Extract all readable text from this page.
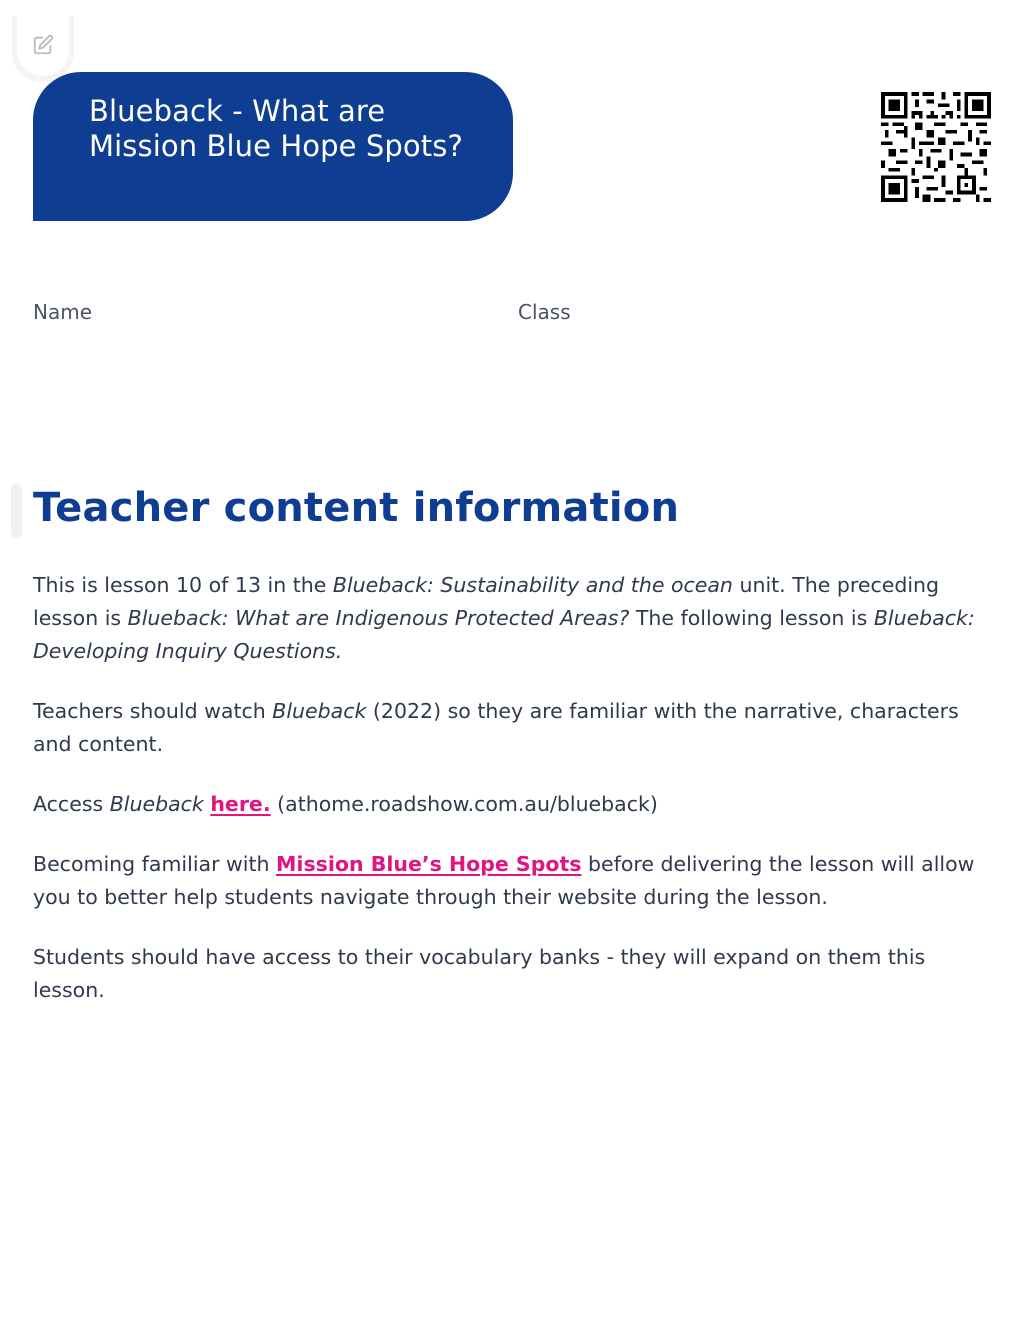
Blueback - What are Mission Blue Hope Spots?
Name	Class
Teacher content information

This is lesson 10 of 13 in the Blueback: Sustainability and the ocean unit. The preceding lesson is Blueback: What are Indigenous Protected Areas? The following lesson is Blueback: Developing Inquiry Questions.

Teachers should watch Blueback (2022) so they are familiar with the narrative, characters and content.

Access Blueback here. (athome.roadshow.com.au/blueback)

Becoming familiar with Mission Blue’s Hope Spots before delivering the lesson will allow you to better help students navigate through their website during the lesson.

Students should have access to their vocabulary banks - they will expand on them this lesson.
